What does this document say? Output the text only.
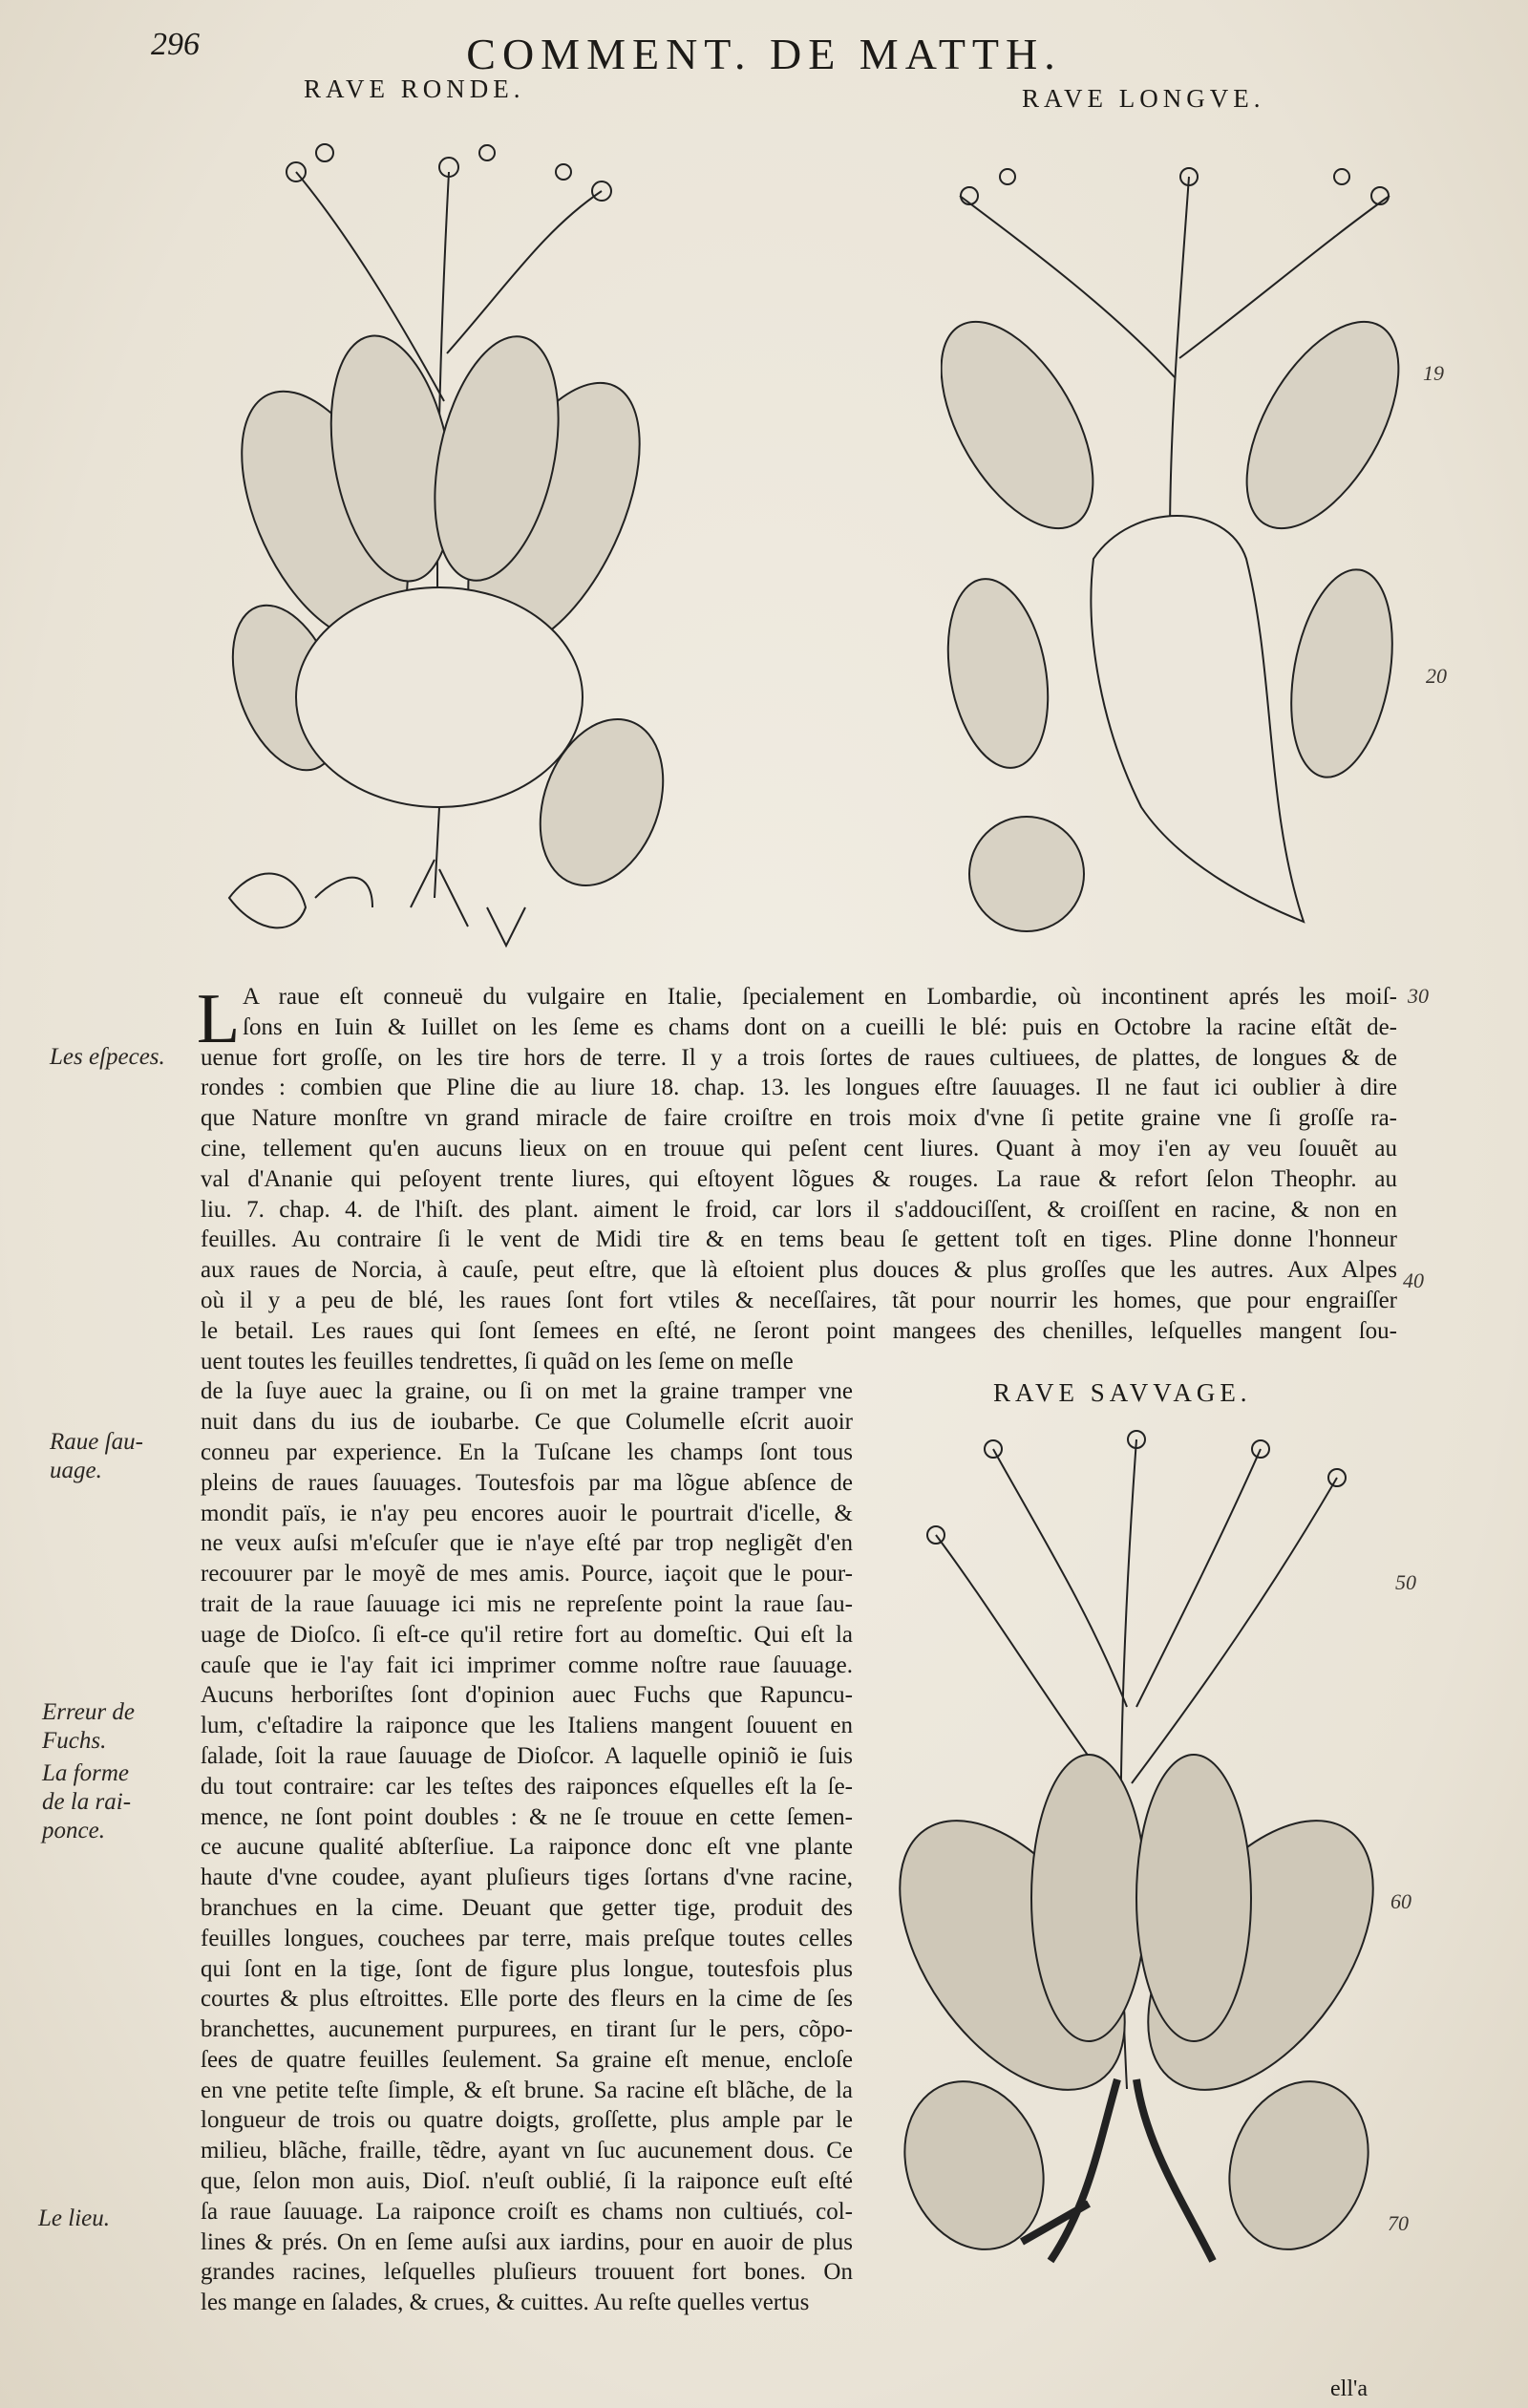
296	COMMENT. DE MATTH.
RAVE RONDE.	RAVE LONGVE.
RAVE SAVVAGE.
Les eſpeces.
Raue ſau-
uage.
Erreur de
Fuchs.
La forme
de la rai-
ponce.
Le lieu.
19
20
30
40
50
60
70
L A raue eſt conneuë du vulgaire en Italie, ſpecialement en Lombardie, où incontinent aprés les moiſ-
ſons en Iuin & Iuillet on les ſeme es chams dont on a cueilli le blé: puis en Octobre la racine eſtãt de-
uenue fort groſſe, on les tire hors de terre. Il y a trois ſortes de raues cultiuees, de plattes, de longues & de
rondes : combien que Pline die au liure 18. chap. 13. les longues eſtre ſauuages. Il ne faut ici oublier à dire
que Nature monſtre vn grand miracle de faire croiſtre en trois moix d'vne ſi petite graine vne ſi groſſe ra-
cine, tellement qu'en aucuns lieux on en trouue qui peſent cent liures. Quant à moy i'en ay veu ſouuẽt au
val d'Ananie qui peſoyent trente liures, qui eſtoyent lõgues & rouges. La raue & refort ſelon Theophr. au
liu. 7. chap. 4. de l'hiſt. des plant. aiment le froid, car lors il s'addouciſſent, & croiſſent en racine, & non en
feuilles. Au contraire ſi le vent de Midi tire & en tems beau ſe gettent toſt en tiges. Pline donne l'honneur
aux raues de Norcia, à cauſe, peut eſtre, que là eſtoient plus douces & plus groſſes que les autres. Aux Alpes
où il y a peu de blé, les raues ſont fort vtiles & neceſſaires, tãt pour nourrir les homes, que pour engraiſſer
le betail. Les raues qui ſont ſemees en eſté, ne ſeront point mangees des chenilles, leſquelles mangent ſou-
uent toutes les feuilles tendrettes, ſi quãd on les ſeme on meſle
de la ſuye auec la graine, ou ſi on met la graine tramper vne
nuit dans du ius de ioubarbe. Ce que Columelle eſcrit auoir
conneu par experience. En la Tuſcane les champs ſont tous
pleins de raues ſauuages. Toutesfois par ma lõgue abſence de
mondit païs, ie n'ay peu encores auoir le pourtrait d'icelle, &
ne veux auſsi m'eſcuſer que ie n'aye eſté par trop negligẽt d'en
recouurer par le moyẽ de mes amis. Pource, iaçoit que le pour-
trait de la raue ſauuage ici mis ne repreſente point la raue ſau-
uage de Dioſco. ſi eſt-ce qu'il retire fort au domeſtic. Qui eſt la
cauſe que ie l'ay fait ici imprimer comme noſtre raue ſauuage.
Aucuns herboriſtes ſont d'opinion auec Fuchs que Rapuncu-
lum, c'eſtadire la raiponce que les Italiens mangent ſouuent en
ſalade, ſoit la raue ſauuage de Dioſcor. A laquelle opiniõ ie ſuis
du tout contraire: car les teſtes des raiponces eſquelles eſt la ſe-
mence, ne ſont point doubles : & ne ſe trouue en cette ſemen-
ce aucune qualité abſterſiue. La raiponce donc eſt vne plante
haute d'vne coudee, ayant pluſieurs tiges ſortans d'vne racine,
branchues en la cime. Deuant que getter tige, produit des
feuilles longues, couchees par terre, mais preſque toutes celles
qui ſont en la tige, ſont de figure plus longue, toutesfois plus
courtes & plus eſtroittes. Elle porte des fleurs en la cime de ſes
branchettes, aucunement purpurees, en tirant ſur le pers, cõpo-
ſees de quatre feuilles ſeulement. Sa graine eſt menue, encloſe
en vne petite teſte ſimple, & eſt brune. Sa racine eſt blãche, de la
longueur de trois ou quatre doigts, groſſette, plus ample par le
milieu, blãche, fraille, tẽdre, ayant vn ſuc aucunement dous. Ce
que, ſelon mon auis, Dioſ. n'euſt oublié, ſi la raiponce euſt eſté
ſa raue ſauuage. La raiponce croiſt es chams non cultiués, col-
lines & prés. On en ſeme auſsi aux iardins, pour en auoir de plus
grandes racines, leſquelles pluſieurs trouuent fort bones. On
les mange en ſalades, & crues, & cuittes. Au reſte quelles vertus
ell'a
